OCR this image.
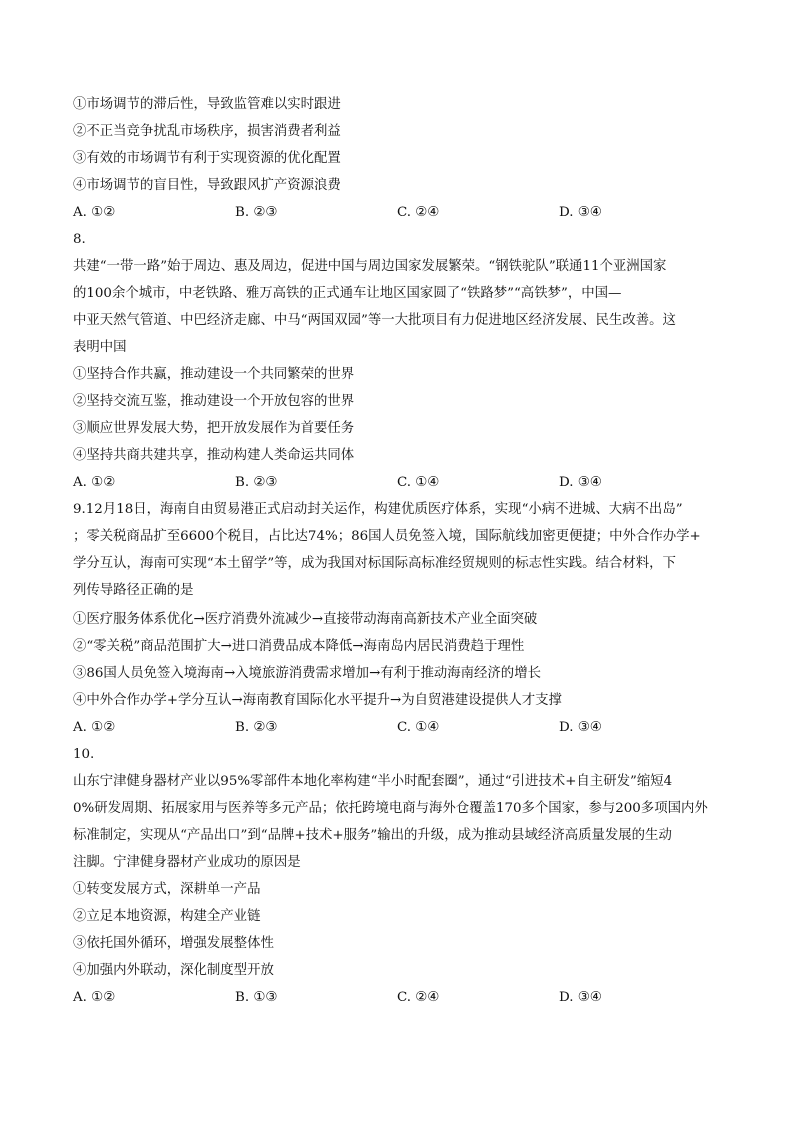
①市场调节的滞后性，导致监管难以实时跟进
②不正当竞争扰乱市场秩序，损害消费者利益
③有效的市场调节有利于实现资源的优化配置
④市场调节的盲目性，导致跟风扩产资源浪费
A. ①②	B. ②③	C. ②④	D. ③④
8.
共建“一带一路”始于周边、惠及周边，促进中国与周边国家发展繁荣。“钢铁驼队”联通11个亚洲国家
的100余个城市，中老铁路、雅万高铁的正式通车让地区国家圆了“铁路梦”“高铁梦”，中国—
中亚天然气管道、中巴经济走廊、中马“两国双园”等一大批项目有力促进地区经济发展、民生改善。这
表明中国
①坚持合作共赢，推动建设一个共同繁荣的世界
②坚持交流互鉴，推动建设一个开放包容的世界
③顺应世界发展大势，把开放发展作为首要任务
④坚持共商共建共享，推动构建人类命运共同体
A. ①②	B. ②③	C. ①④	D. ③④
9.12月18日，海南自由贸易港正式启动封关运作，构建优质医疗体系，实现“小病不进城、大病不出岛”
；零关税商品扩至6600个税目，占比达74%；86国人员免签入境，国际航线加密更便捷；中外合作办学+
学分互认，海南可实现“本土留学”等，成为我国对标国际高标准经贸规则的标志性实践。结合材料，下
列传导路径正确的是
①医疗服务体系优化→医疗消费外流减少→直接带动海南高新技术产业全面突破
②“零关税”商品范围扩大→进口消费品成本降低→海南岛内居民消费趋于理性
③86国人员免签入境海南→入境旅游消费需求增加→有利于推动海南经济的增长
④中外合作办学+学分互认→海南教育国际化水平提升→为自贸港建设提供人才支撑
A. ①②	B. ②③	C. ①④	D. ③④
10.
山东宁津健身器材产业以95%零部件本地化率构建“半小时配套圈”，通过“引进技术+自主研发”缩短4
0%研发周期、拓展家用与医养等多元产品；依托跨境电商与海外仓覆盖170多个国家，参与200多项国内外
标准制定，实现从“产品出口”到“品牌+技术+服务”输出的升级，成为推动县域经济高质量发展的生动
注脚。宁津健身器材产业成功的原因是
①转变发展方式，深耕单一产品
②立足本地资源，构建全产业链
③依托国外循环，增强发展整体性
④加强内外联动，深化制度型开放
A. ①②	B. ①③	C. ②④	D. ③④
